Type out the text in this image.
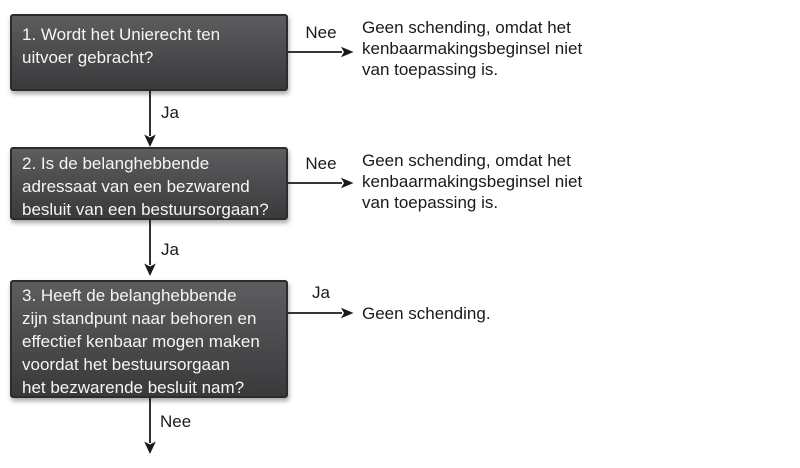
1. Wordt het Unierecht ten
uitvoer gebracht?
Nee	Geen schending, omdat het
kenbaarmakingsbeginsel niet
van toepassing is.
Ja
2. Is de belanghebbende
adressaat van een bezwarend
besluit van een bestuursorgaan?
Nee	Geen schending, omdat het
kenbaarmakingsbeginsel niet
van toepassing is.
Ja
3. Heeft de belanghebbende
zijn standpunt naar behoren en
effectief kenbaar mogen maken
voordat het bestuursorgaan
het bezwarende besluit nam?
Ja
Geen schending.
Nee
